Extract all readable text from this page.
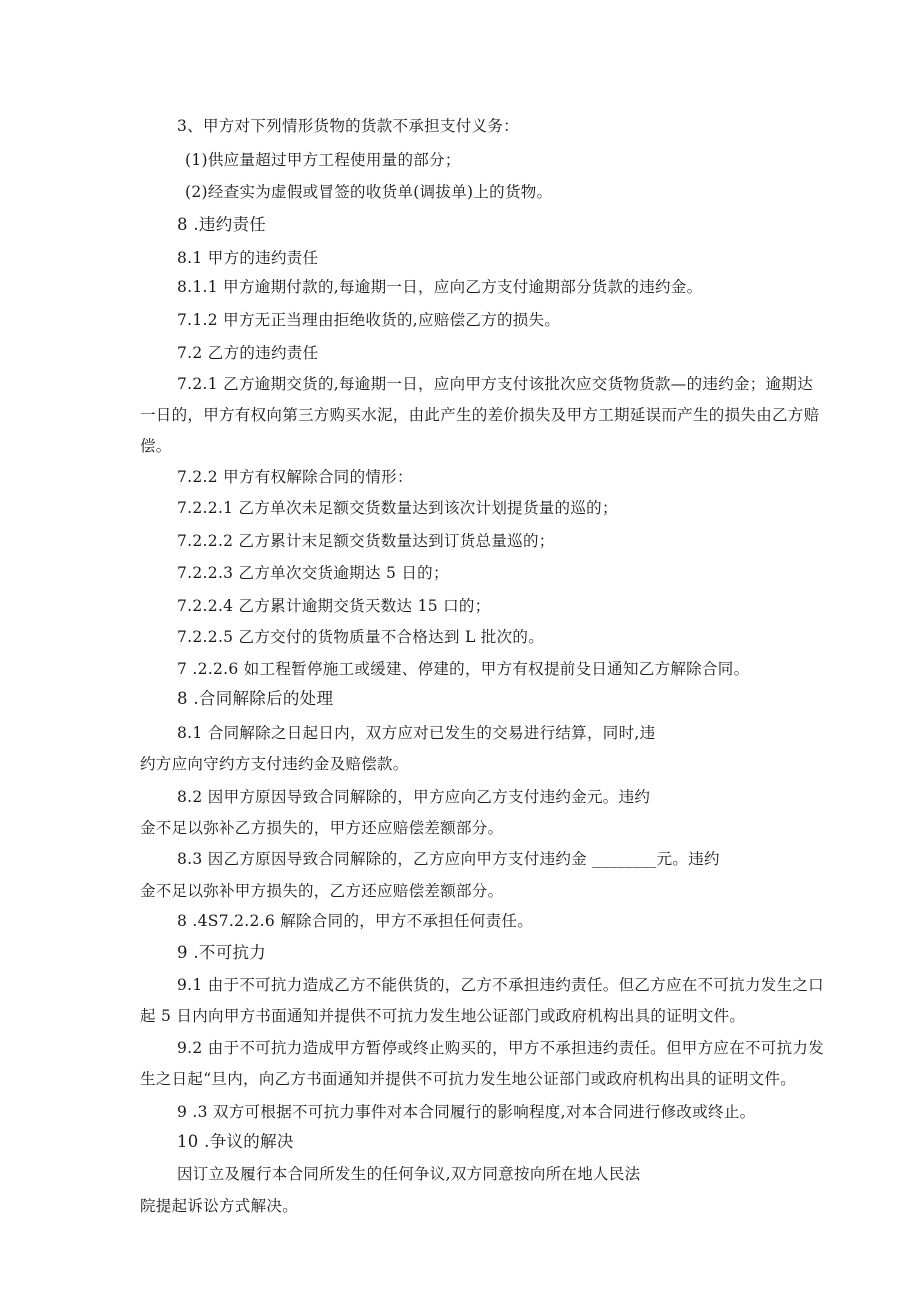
3、甲方对下列情形货物的货款不承担支付义务：
(1)供应量超过甲方工程使用量的部分；
(2)经查实为虚假或冒签的收货单(调拔单)上的货物。
8 .违约责任
8.1 甲方的违约责任
8.1.1 甲方逾期付款的,每逾期一日，应向乙方支付逾期部分货款的违约金。
7.1.2 甲方无正当理由拒绝收货的,应赔偿乙方的损失。
7.2 乙方的违约责任
7.2.1 乙方逾期交货的,每逾期一日，应向甲方支付该批次应交货物货款—的违约金；逾期达
一日的，甲方有权向第三方购买水泥，由此产生的差价损失及甲方工期延误而产生的损失由乙方赔
偿。
7.2.2 甲方有权解除合同的情形：
7.2.2.1 乙方单次未足额交货数量达到该次计划提货量的巡的；
7.2.2.2 乙方累计末足额交货数量达到订货总量巡的；
7.2.2.3 乙方单次交货逾期达 5 日的；
7.2.2.4 乙方累计逾期交货天数达 15 口的；
7.2.2.5 乙方交付的货物质量不合格达到 L 批次的。
7 .2.2.6 如工程暂停施工或缓建、停建的，甲方有权提前殳日通知乙方解除合同。
8 .合同解除后的处理
8.1 合同解除之日起日内，双方应对已发生的交易进行结算，同时,违
约方应向守约方支付违约金及赔偿款。
8.2 因甲方原因导致合同解除的，甲方应向乙方支付违约金元。违约
金不足以弥补乙方损失的，甲方还应赔偿差额部分。
8.3 因乙方原因导致合同解除的，乙方应向甲方支付违约金 ________元。违约
金不足以弥补甲方损失的，乙方还应赔偿差额部分。
8 .4S7.2.2.6 解除合同的，甲方不承担任何责任。
9 .不可抗力
9.1 由于不可抗力造成乙方不能供货的，乙方不承担违约责任。但乙方应在不可抗力发生之口
起 5 日内向甲方书面通知并提供不可抗力发生地公证部门或政府机构出具的证明文件。
9.2 由于不可抗力造成甲方暂停或终止购买的，甲方不承担违约责任。但甲方应在不可抗力发
生之日起“旦内，向乙方书面通知并提供不可抗力发生地公证部门或政府机构出具的证明文件。
9 .3 双方可根据不可抗力事件对本合同履行的影响程度,对本合同进行修改或终止。
10 .争议的解决
因订立及履行本合同所发生的任何争议,双方同意按向所在地人民法
院提起诉讼方式解决。
